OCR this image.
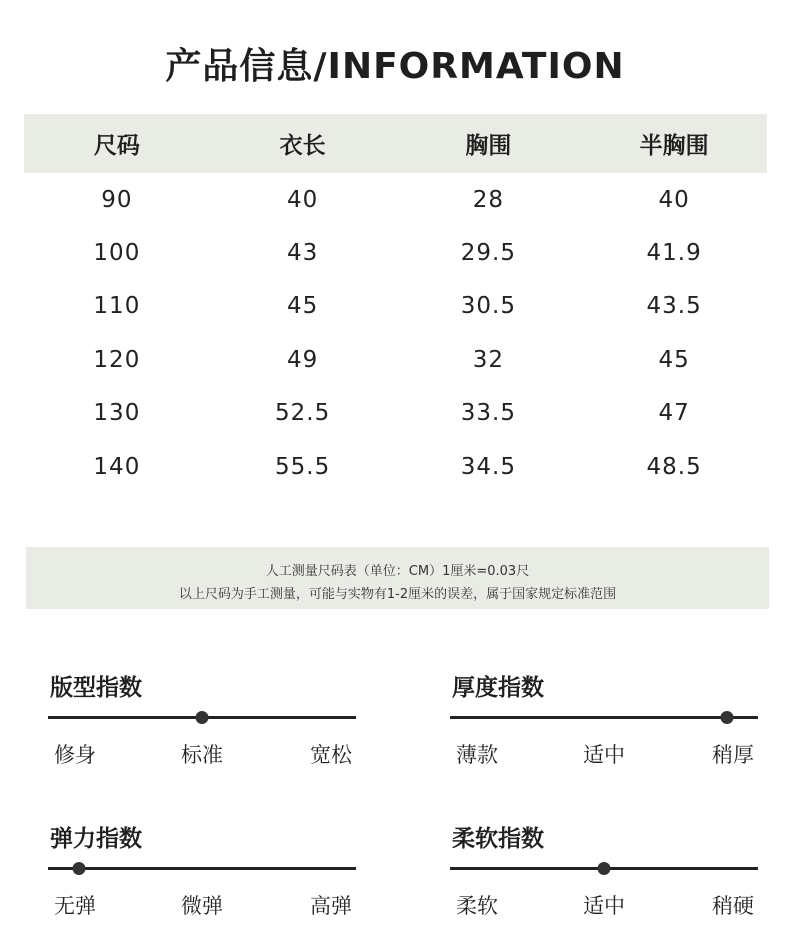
产品信息/INFORMATION
尺码	衣长	胸围	半胸围
90	40	28	40
100	43	29.5	41.9
110	45	30.5	43.5
120	49	32	45
130	52.5	33.5	47
140	55.5	34.5	48.5
人工测量尺码表（单位：CM）1厘米=0.03尺
以上尺码为手工测量，可能与实物有1-2厘米的误差，属于国家规定标准范围
版型指数
修身	标准	宽松
厚度指数
薄款	适中	稍厚
弹力指数
无弹	微弹	高弹
柔软指数
柔软	适中	稍硬
